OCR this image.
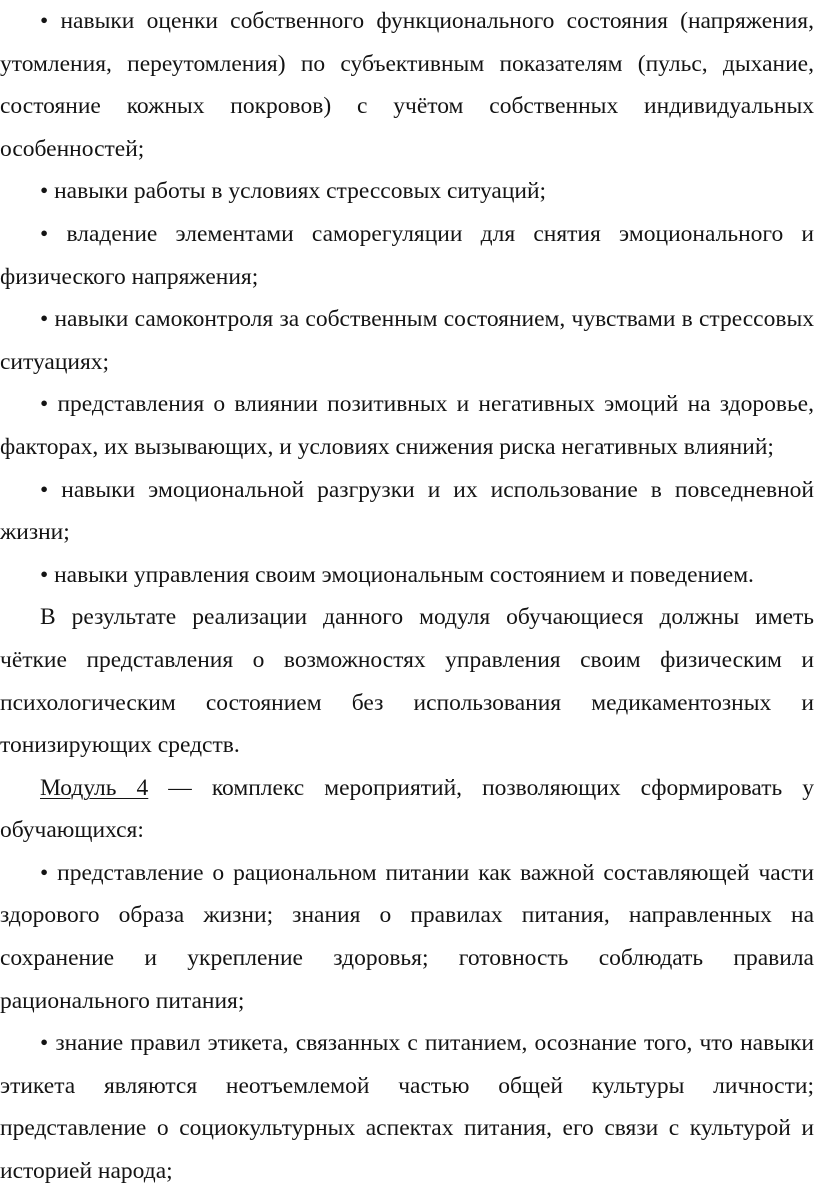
• навыки оценки собственного функционального состояния (напряжения, утомления, переутомления) по субъективным показателям (пульс, дыхание, состояние кожных покровов) с учётом собственных индивидуальных особенностей;

• навыки работы в условиях стрессовых ситуаций;

• владение элементами саморегуляции для снятия эмоционального и физического напряжения;

• навыки самоконтроля за собственным состоянием, чувствами в стрессовых ситуациях;

• представления о влиянии позитивных и негативных эмоций на здоровье, факторах, их вызывающих, и условиях снижения риска негативных влияний;

• навыки эмоциональной разгрузки и их использование в повседневной жизни;

• навыки управления своим эмоциональным состоянием и поведением.

В результате реализации данного модуля обучающиеся должны иметь чёткие представления о возможностях управления своим физическим и психологическим состоянием без использования медикаментозных и тонизирующих средств.

Модуль 4 — комплекс мероприятий, позволяющих сформировать у обучающихся:

• представление о рациональном питании как важной составляющей части здорового образа жизни; знания о правилах питания, направленных на сохранение и укрепление здоровья; готовность соблюдать правила рационального питания;

• знание правил этикета, связанных с питанием, осознание того, что навыки этикета являются неотъемлемой частью общей культуры личности; представление о социокультурных аспектах питания, его связи с культурой и историей народа;
